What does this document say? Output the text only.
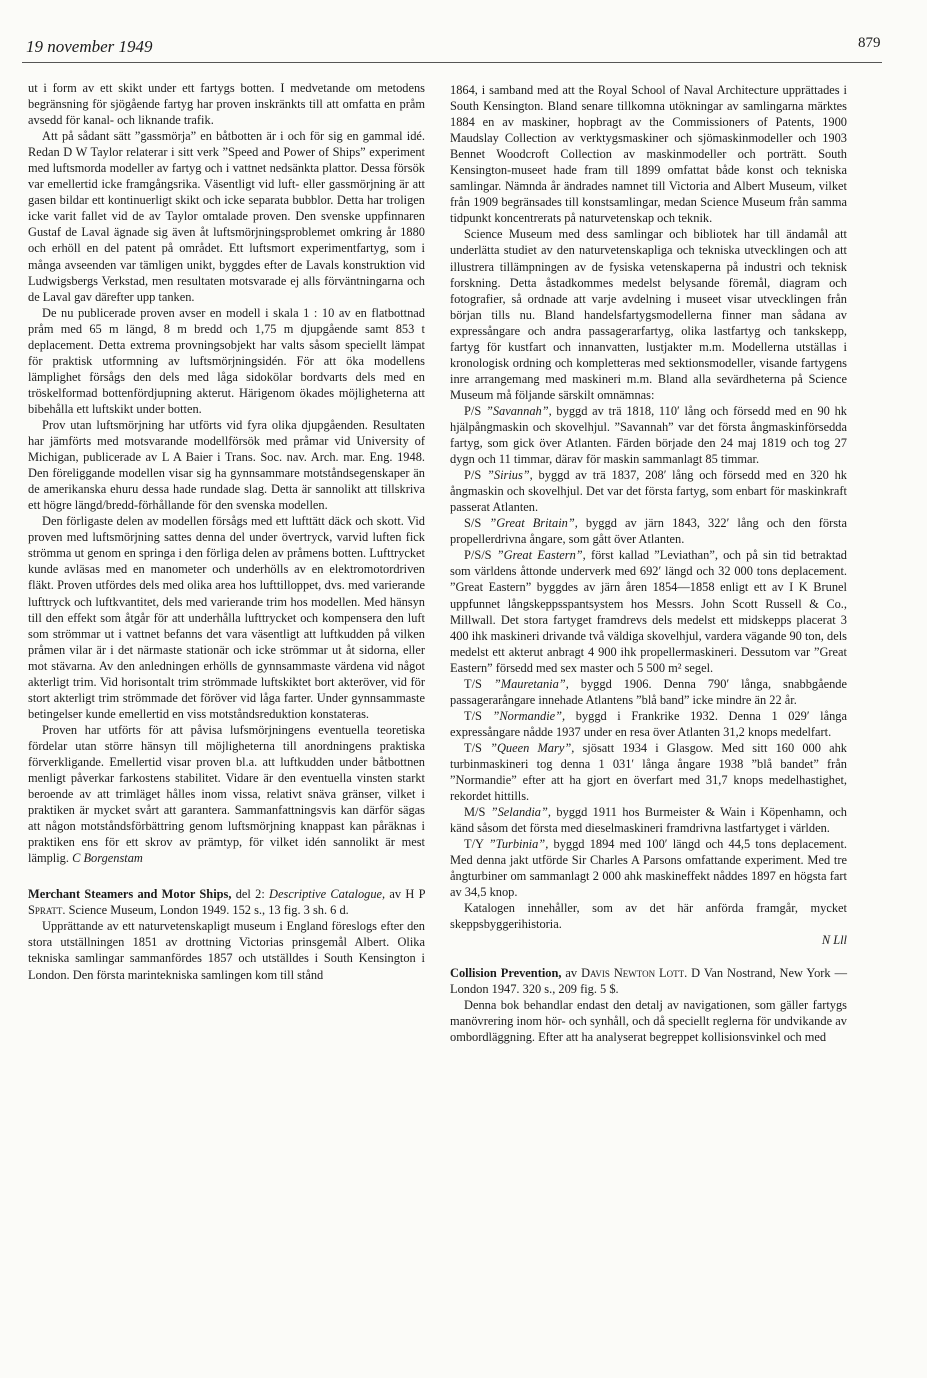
19 november 1949	879

ut i form av ett skikt under ett fartygs botten. I medvetande om metodens begränsning för sjögående fartyg har proven inskränkts till att omfatta en pråm avsedd för kanal- och liknande trafik.

Att på sådant sätt ”gassmörja” en båtbotten är i och för sig en gammal idé. Redan D W Taylor relaterar i sitt verk ”Speed and Power of Ships” experiment med luftsmorda modeller av fartyg och i vattnet nedsänkta plattor. Dessa försök var emellertid icke framgångsrika. Väsentligt vid luft- eller gassmörjning är att gasen bildar ett kontinuerligt skikt och icke separata bubblor. Detta har troligen icke varit fallet vid de av Taylor omtalade proven. Den svenske uppfinnaren Gustaf de Laval ägnade sig även åt luftsmörjningsproblemet omkring år 1880 och erhöll en del patent på området. Ett luftsmort experimentfartyg, som i många avseenden var tämligen unikt, byggdes efter de Lavals konstruktion vid Ludwigsbergs Verkstad, men resultaten motsvarade ej alls förväntningarna och de Laval gav därefter upp tanken.

De nu publicerade proven avser en modell i skala 1 : 10 av en flatbottnad pråm med 65 m längd, 8 m bredd och 1,75 m djupgående samt 853 t deplacement. Detta extrema provningsobjekt har valts såsom speciellt lämpat för praktisk utformning av luftsmörjningsidén. För att öka modellens lämplighet försågs den dels med låga sidokölar bordvarts dels med en tröskelformad bottenfördjupning akterut. Härigenom ökades möjligheterna att bibehålla ett luftskikt under botten.

Prov utan luftsmörjning har utförts vid fyra olika djupgåenden. Resultaten har jämförts med motsvarande modellförsök med pråmar vid University of Michigan, publicerade av L A Baier i Trans. Soc. nav. Arch. mar. Eng. 1948. Den föreliggande modellen visar sig ha gynnsammare motståndsegenskaper än de amerikanska ehuru dessa hade rundade slag. Detta är sannolikt att tillskriva ett högre längd/bredd-förhållande för den svenska modellen.

Den förligaste delen av modellen försågs med ett lufttätt däck och skott. Vid proven med luftsmörjning sattes denna del under övertryck, varvid luften fick strömma ut genom en springa i den förliga delen av pråmens botten. Lufttrycket kunde avläsas med en manometer och underhölls av en elektromotordriven fläkt. Proven utfördes dels med olika area hos lufttilloppet, dvs. med varierande lufttryck och luftkvantitet, dels med varierande trim hos modellen. Med hänsyn till den effekt som åtgår för att underhålla lufttrycket och kompensera den luft som strömmar ut i vattnet befanns det vara väsentligt att luftkudden på vilken pråmen vilar är i det närmaste stationär och icke strömmar ut åt sidorna, eller mot stävarna. Av den anledningen erhölls de gynnsammaste värdena vid något akterligt trim. Vid horisontalt trim strömmade luftskiktet bort akteröver, vid för stort akterligt trim strömmade det föröver vid låga farter. Under gynnsammaste betingelser kunde emellertid en viss motståndsreduktion konstateras.

Proven har utförts för att påvisa lufsmörjningens eventuella teoretiska fördelar utan större hänsyn till möjligheterna till anordningens praktiska förverkligande. Emellertid visar proven bl.a. att luftkudden under båtbottnen menligt påverkar farkostens stabilitet. Vidare är den eventuella vinsten starkt beroende av att trimläget hålles inom vissa, relativt snäva gränser, vilket i praktiken är mycket svårt att garantera. Sammanfattningsvis kan därför sägas att någon motståndsförbättring genom luftsmörjning knappast kan påräknas i praktiken ens för ett skrov av prämtyp, för vilket idén sannolikt är mest lämplig. C Borgenstam

Merchant Steamers and Motor Ships, del 2: Descriptive Catalogue, av H P Spratt. Science Museum, London 1949. 152 s., 13 fig. 3 sh. 6 d.

Upprättande av ett naturvetenskapligt museum i England föreslogs efter den stora utställningen 1851 av drottning Victorias prinsgemål Albert. Olika tekniska samlingar sammanfördes 1857 och utställdes i South Kensington i London. Den första marintekniska samlingen kom till stånd

1864, i samband med att the Royal School of Naval Architecture upprättades i South Kensington. Bland senare tillkomna utökningar av samlingarna märktes 1884 en av maskiner, hopbragt av the Commissioners of Patents, 1900 Maudslay Collection av verktygsmaskiner och sjömaskinmodeller och 1903 Bennet Woodcroft Collection av maskinmodeller och porträtt. South Kensington-museet hade fram till 1899 omfattat både konst och tekniska samlingar. Nämnda år ändrades namnet till Victoria and Albert Museum, vilket från 1909 begränsades till konstsamlingar, medan Science Museum från samma tidpunkt koncentrerats på naturvetenskap och teknik.

Science Museum med dess samlingar och bibliotek har till ändamål att underlätta studiet av den naturvetenskapliga och tekniska utvecklingen och att illustrera tillämpningen av de fysiska vetenskaperna på industri och teknisk forskning. Detta åstadkommes medelst belysande föremål, diagram och fotografier, så ordnade att varje avdelning i museet visar utvecklingen från början tills nu. Bland handelsfartygsmodellerna finner man sådana av expressångare och andra passagerarfartyg, olika lastfartyg och tankskepp, fartyg för kustfart och innanvatten, lustjakter m.m. Modellerna utställas i kronologisk ordning och kompletteras med sektionsmodeller, visande fartygens inre arrangemang med maskineri m.m. Bland alla sevärdheterna på Science Museum må följande särskilt omnämnas:

P/S ”Savannah”, byggd av trä 1818, 110′ lång och försedd med en 90 hk hjälpångmaskin och skovelhjul. ”Savannah” var det första ångmaskinförsedda fartyg, som gick över Atlanten. Färden började den 24 maj 1819 och tog 27 dygn och 11 timmar, därav för maskin sammanlagt 85 timmar.

P/S ”Sirius”, byggd av trä 1837, 208′ lång och försedd med en 320 hk ångmaskin och skovelhjul. Det var det första fartyg, som enbart för maskinkraft passerat Atlanten.

S/S ”Great Britain”, byggd av järn 1843, 322′ lång och den första propellerdrivna ångare, som gått över Atlanten.

P/S/S ”Great Eastern”, först kallad ”Leviathan”, och på sin tid betraktad som världens åttonde underverk med 692′ längd och 32 000 tons deplacement. ”Great Eastern” byggdes av järn åren 1854—1858 enligt ett av I K Brunel uppfunnet långskeppsspantsystem hos Messrs. John Scott Russell & Co., Millwall. Det stora fartyget framdrevs dels medelst ett midskepps placerat 3 400 ihk maskineri drivande två väldiga skovelhjul, vardera vägande 90 ton, dels medelst ett akterut anbragt 4 900 ihk propellermaskineri. Dessutom var ”Great Eastern” försedd med sex master och 5 500 m² segel.

T/S ”Mauretania”, byggd 1906. Denna 790′ långa, snabbgående passagerarångare innehade Atlantens ”blå band” icke mindre än 22 år.

T/S ”Normandie”, byggd i Frankrike 1932. Denna 1 029′ långa expressångare nådde 1937 under en resa över Atlanten 31,2 knops medelfart.

T/S ”Queen Mary”, sjösatt 1934 i Glasgow. Med sitt 160 000 ahk turbinmaskineri tog denna 1 031′ långa ångare 1938 ”blå bandet” från ”Normandie” efter att ha gjort en överfart med 31,7 knops medelhastighet, rekordet hittills.

M/S ”Selandia”, byggd 1911 hos Burmeister & Wain i Köpenhamn, och känd såsom det första med dieselmaskineri framdrivna lastfartyget i världen.

T/Y ”Turbinia”, byggd 1894 med 100′ längd och 44,5 tons deplacement. Med denna jakt utförde Sir Charles A Parsons omfattande experiment. Med tre ångturbiner om sammanlagt 2 000 ahk maskineffekt nåddes 1897 en högsta fart av 34,5 knop.

Katalogen innehåller, som av det här anförda framgår, mycket skeppsbyggerihistoria.
N Lll

Collision Prevention, av Davis Newton Lott. D Van Nostrand, New York — London 1947. 320 s., 209 fig. 5 $.

Denna bok behandlar endast den detalj av navigationen, som gäller fartygs manövrering inom hör- och synhåll, och då speciellt reglerna för undvikande av ombordläggning. Efter att ha analyserat begreppet kollisionsvinkel och med
